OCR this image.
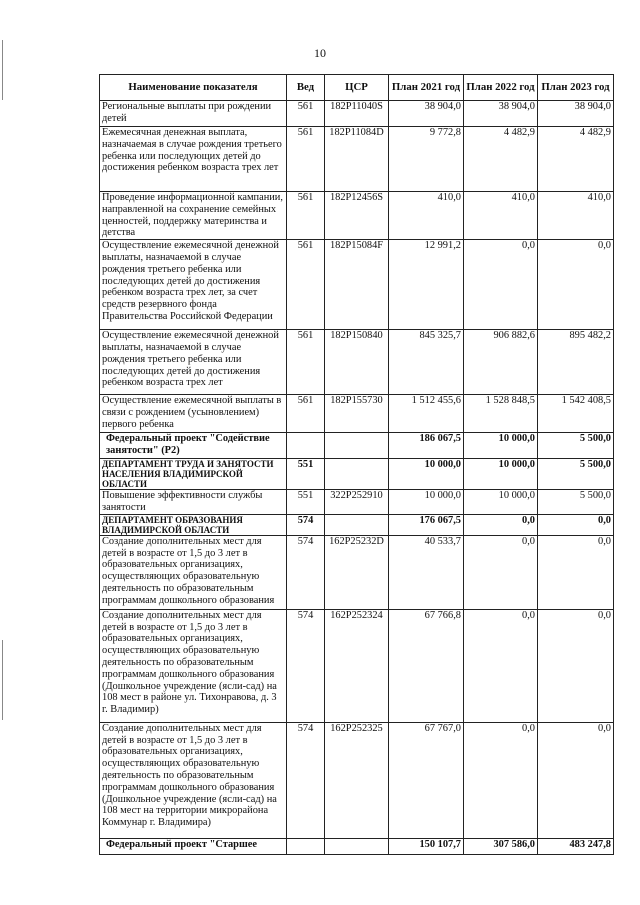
10
Наименование показателя	Вед	ЦСР	План 2021 год	План 2022 год	План 2023 год
Региональные выплаты при рождении детей	561	182P11040S	38 904,0	38 904,0	38 904,0
Ежемесячная денежная выплата, назначаемая в случае рождения третьего ребенка или последующих детей до достижения ребенком возраста трех лет	561	182P11084D	9 772,8	4 482,9	4 482,9
Проведение информационной кампании, направленной на сохранение семейных ценностей, поддержку материнства и детства	561	182P12456S	410,0	410,0	410,0
Осуществление ежемесячной денежной выплаты, назначаемой в случае рождения третьего ребенка или последующих детей до достижения ребенком возраста трех лет, за счет средств резервного фонда Правительства Российской Федерации	561	182P15084F	12 991,2	0,0	0,0
Осуществление ежемесячной денежной выплаты, назначаемой в случае рождения третьего ребенка или последующих детей до достижения ребенком возраста трех лет	561	182P150840	845 325,7	906 882,6	895 482,2
Осуществление ежемесячной выплаты в связи с рождением (усыновлением) первого ребенка	561	182P155730	1 512 455,6	1 528 848,5	1 542 408,5
Федеральный проект "Содействие занятости" (Р2)			186 067,5	10 000,0	5 500,0
ДЕПАРТАМЕНТ ТРУДА И ЗАНЯТОСТИ НАСЕЛЕНИЯ ВЛАДИМИРСКОЙ ОБЛАСТИ	551		10 000,0	10 000,0	5 500,0
Повышение эффективности службы занятости	551	322P252910	10 000,0	10 000,0	5 500,0
ДЕПАРТАМЕНТ ОБРАЗОВАНИЯ ВЛАДИМИРСКОЙ ОБЛАСТИ	574		176 067,5	0,0	0,0
Создание дополнительных мест для детей в возрасте от 1,5 до 3 лет в образовательных организациях, осуществляющих образовательную деятельность по образовательным программам дошкольного образования	574	162P25232D	40 533,7	0,0	0,0
Создание дополнительных мест для детей в возрасте от 1,5 до 3 лет в образовательных организациях, осуществляющих образовательную деятельность по образовательным программам дошкольного образования (Дошкольное учреждение (ясли-сад) на 108 мест в районе ул. Тихонравова, д. 3 г. Владимир)	574	162P252324	67 766,8	0,0	0,0
Создание дополнительных мест для детей в возрасте от 1,5 до 3 лет в образовательных организациях, осуществляющих образовательную деятельность по образовательным программам дошкольного образования (Дошкольное учреждение (ясли-сад) на 108 мест на территории микрорайона Коммунар г. Владимира)	574	162P252325	67 767,0	0,0	0,0
Федеральный проект "Старшее			150 107,7	307 586,0	483 247,8
